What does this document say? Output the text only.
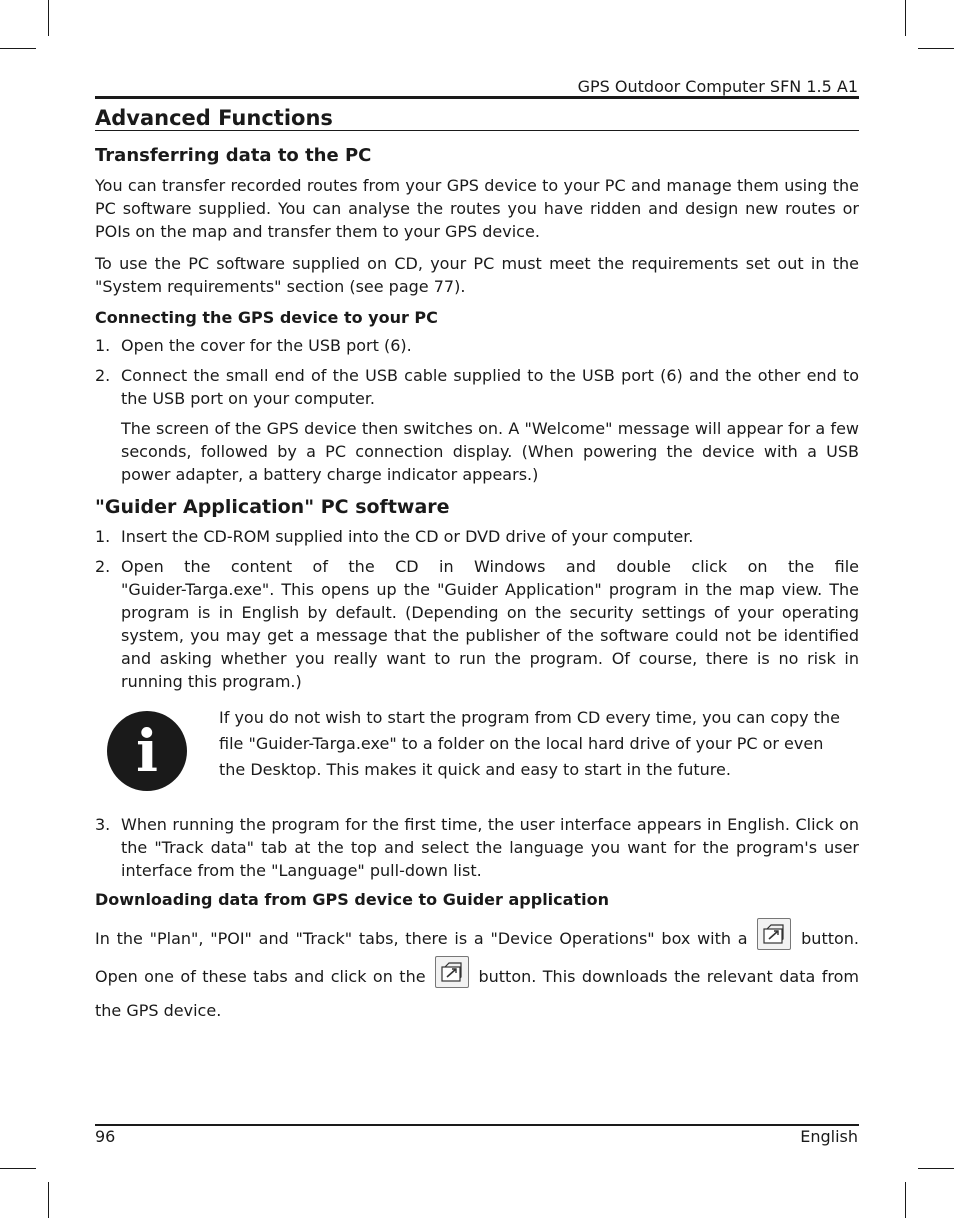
GPS Outdoor Computer SFN 1.5 A1
Advanced Functions
Transferring data to the PC

You can transfer recorded routes from your GPS device to your PC and manage them using the PC software supplied. You can analyse the routes you have ridden and design new routes or POIs on the map and transfer them to your GPS device.

To use the PC software supplied on CD, your PC must meet the requirements set out in the "System requirements" section (see page 77).

Connecting the GPS device to your PC
1. Open the cover for the USB port (6).

2. Connect the small end of the USB cable supplied to the USB port (6) and the other end to the USB port on your computer.

The screen of the GPS device then switches on. A "Welcome" message will appear for a few seconds, followed by a PC connection display. (When powering the device with a USB power adapter, a battery charge indicator appears.)

"Guider Application" PC software
1. Insert the CD-ROM supplied into the CD or DVD drive of your computer.

2. Open the content of the CD in Windows and double click on the file

"Guider-Targa.exe". This opens up the "Guider Application" program in the map view. The program is in English by default. (Depending on the security settings of your operating system, you may get a message that the publisher of the software could not be identified and asking whether you really want to run the program. Of course, there is no risk in running this program.)

i	If you do not wish to start the program from CD every time, you can copy the file "Guider-Targa.exe" to a folder on the local hard drive of your PC or even the Desktop. This makes it quick and easy to start in the future.
3. When running the program for the first time, the user interface appears in English. Click on the "Track data" tab at the top and select the language you want for the program's user interface from the "Language" pull-down list.

Downloading data from GPS device to Guider application

In the "Plan", "POI" and "Track" tabs, there is a "Device Operations" box with a	button. Open one of these tabs and click on the	button. This downloads the relevant data from the GPS device.

96	English
